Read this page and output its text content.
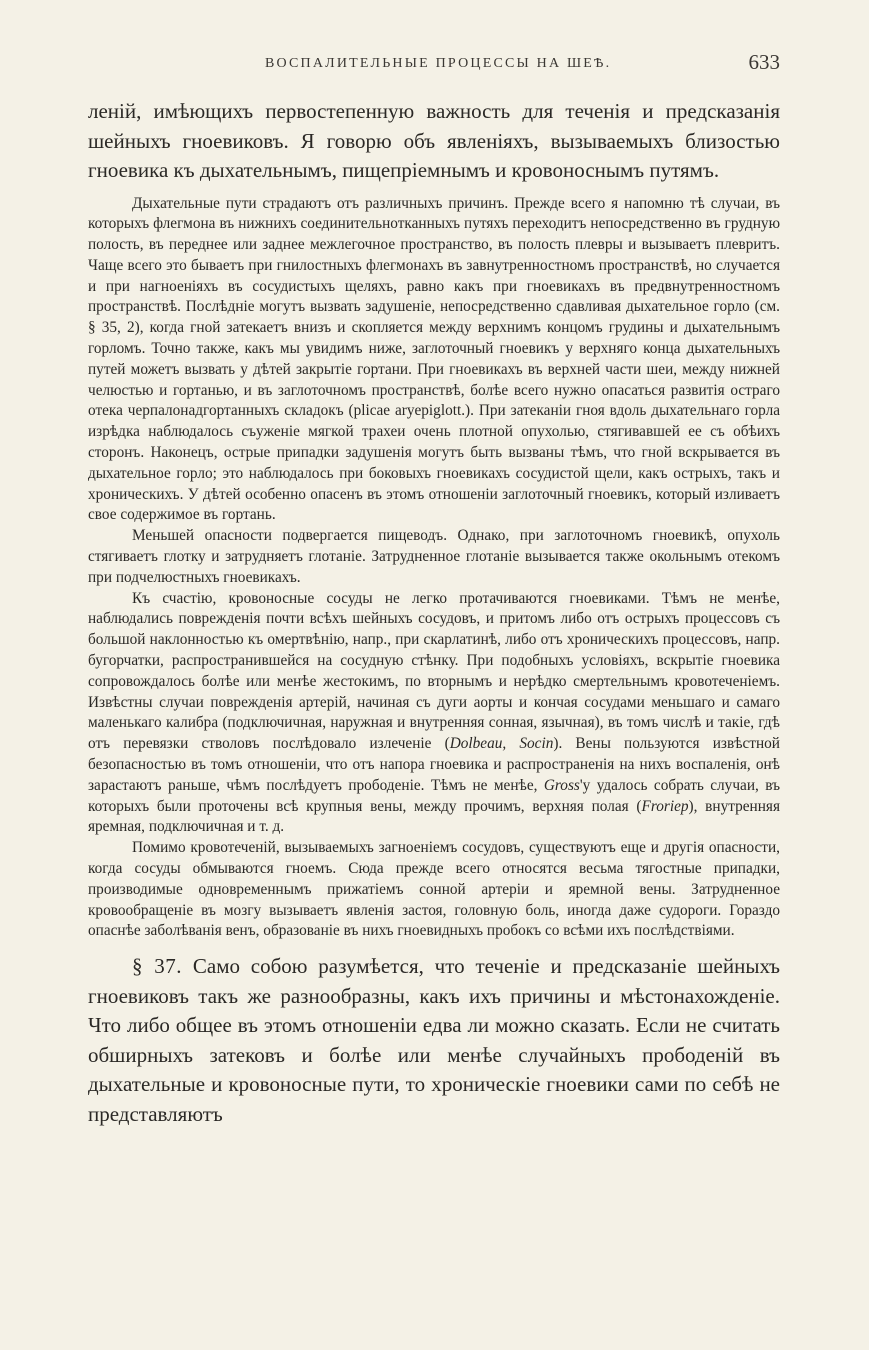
ВОСПАЛИТЕЛЬНЫЕ ПРОЦЕССЫ НА ШЕѢ.	633

леній, имѣющихъ первостепенную важность для теченія и предсказанія шейныхъ гноевиковъ. Я говорю объ явленіяхъ, вызываемыхъ близостью гноевика къ дыхательнымъ, пищепріемнымъ и кровоноснымъ путямъ.

Дыхательные пути страдаютъ отъ различныхъ причинъ. Прежде всего я напомню тѣ случаи, въ которыхъ флегмона въ нижнихъ соединительнотканныхъ путяхъ переходитъ непосредственно въ грудную полость, въ переднее или заднее межлегочное пространство, въ полость плевры и вызываетъ плевритъ. Чаще всего это бываетъ при гнилостныхъ флегмонахъ въ завнутренностномъ пространствѣ, но случается и при нагноеніяхъ въ сосудистыхъ щеляхъ, равно какъ при гноевикахъ въ предвнутренностномъ пространствѣ. Послѣдніе могутъ вызвать задушеніе, непосредственно сдавливая дыхательное горло (см. § 35, 2), когда гной затекаетъ внизъ и скопляется между верхнимъ концомъ грудины и дыхательнымъ горломъ. Точно также, какъ мы увидимъ ниже, заглоточный гноевикъ у верхняго конца дыхательныхъ путей можетъ вызвать у дѣтей закрытіе гортани. При гноевикахъ въ верхней части шеи, между нижней челюстью и гортанью, и въ заглоточномъ пространствѣ, болѣе всего нужно опасаться развитія остраго отека черпалонадгортанныхъ складокъ (plicae aryepiglott.). При затеканіи гноя вдоль дыхательнаго горла изрѣдка наблюдалось съуженіе мягкой трахеи очень плотной опухолью, стягивавшей ее съ обѣихъ сторонъ. Наконецъ, острые припадки задушенія могутъ быть вызваны тѣмъ, что гной вскрывается въ дыхательное горло; это наблюдалось при боковыхъ гноевикахъ сосудистой щели, какъ острыхъ, такъ и хроническихъ. У дѣтей особенно опасенъ въ этомъ отношеніи заглоточный гноевикъ, который изливаетъ свое содержимое въ гортань.

Меньшей опасности подвергается пищеводъ. Однако, при заглоточномъ гноевикѣ, опухоль стягиваетъ глотку и затрудняетъ глотаніе. Затрудненное глотаніе вызывается также окольнымъ отекомъ при подчелюстныхъ гноевикахъ.

Къ счастію, кровоносные сосуды не легко протачиваются гноевиками. Тѣмъ не менѣе, наблюдались поврежденія почти всѣхъ шейныхъ сосудовъ, и притомъ либо отъ острыхъ процессовъ съ большой наклонностью къ омертвѣнію, напр., при скарлатинѣ, либо отъ хроническихъ процессовъ, напр. бугорчатки, распространившейся на сосудную стѣнку. При подобныхъ условіяхъ, вскрытіе гноевика сопровождалось болѣе или менѣе жестокимъ, по вторнымъ и нерѣдко смертельнымъ кровотеченіемъ. Извѣстны случаи поврежденія артерій, начиная съ дуги аорты и кончая сосудами меньшаго и самаго маленькаго калибра (подключичная, наружная и внутренняя сонная, язычная), въ томъ числѣ и такіе, гдѣ отъ перевязки стволовъ послѣдовало излеченіе (Dolbeau, Socin). Вены пользуются извѣстной безопасностью въ томъ отношеніи, что отъ напора гноевика и распространенія на нихъ воспаленія, онѣ зарастаютъ раньше, чѣмъ послѣдуетъ прободеніе. Тѣмъ не менѣе, Gross'у удалось собрать случаи, въ которыхъ были проточены всѣ крупныя вены, между прочимъ, верхняя полая (Froriep), внутренняя яремная, подключичная и т. д.

Помимо кровотеченій, вызываемыхъ загноеніемъ сосудовъ, существуютъ еще и другія опасности, когда сосуды обмываются гноемъ. Сюда прежде всего относятся весьма тягостные припадки, производимые одновременнымъ прижатіемъ сонной артеріи и яремной вены. Затрудненное кровообращеніе въ мозгу вызываетъ явленія застоя, головную боль, иногда даже судороги. Гораздо опаснѣе заболѣванія венъ, образованіе въ нихъ гноевидныхъ пробокъ со всѣми ихъ послѣдствіями.

§ 37. Само собою разумѣется, что теченіе и предсказаніе шейныхъ гноевиковъ такъ же разнообразны, какъ ихъ причины и мѣстонахожденіе. Что либо общее въ этомъ отношеніи едва ли можно сказать. Если не считать обширныхъ затековъ и болѣе или менѣе случайныхъ прободеній въ дыхательные и кровоносные пути, то хроническіе гноевики сами по себѣ не представляютъ
